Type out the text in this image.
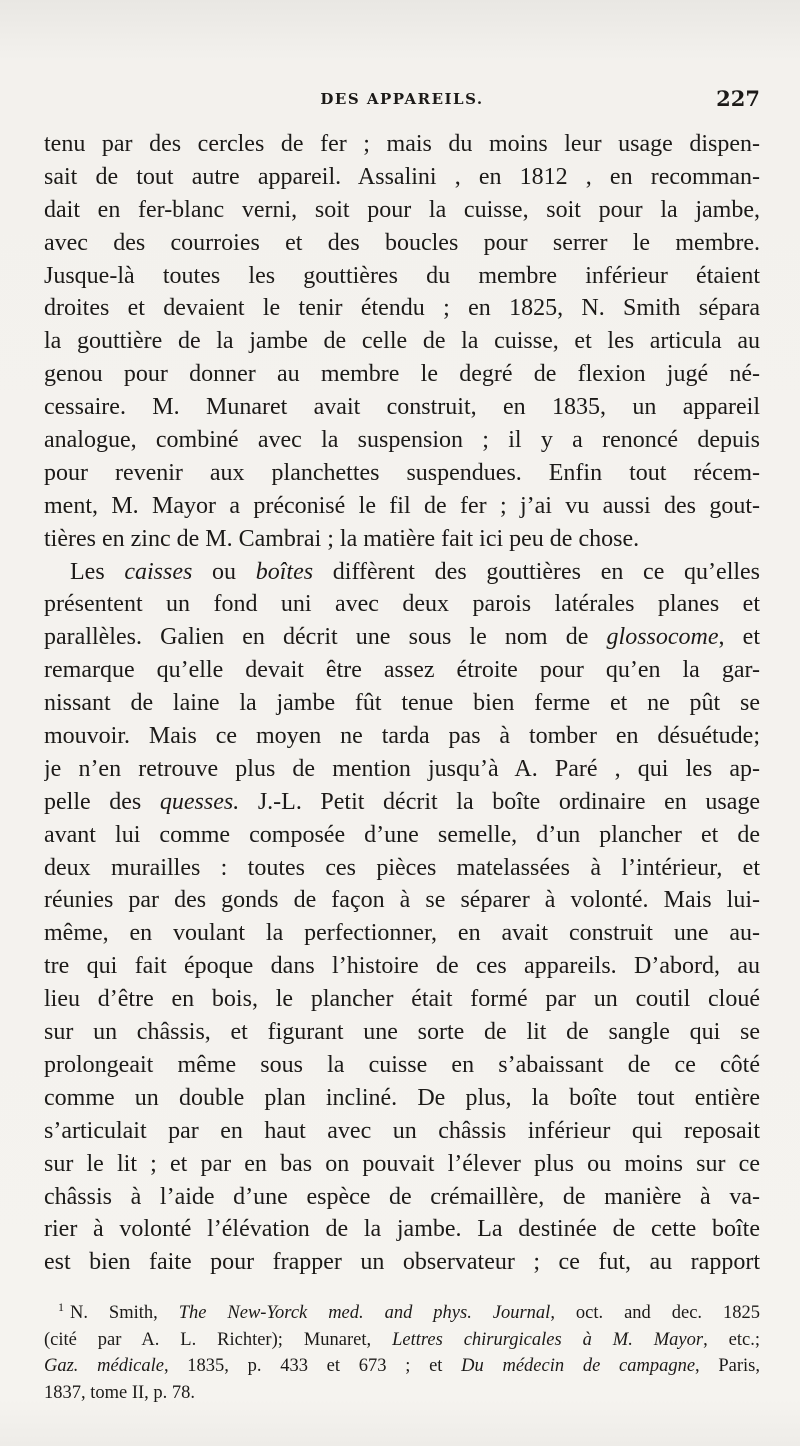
DES APPAREILS.	227
tenu par des cercles de fer ; mais du moins leur usage dispen-
sait de tout autre appareil. Assalini , en 1812 , en recomman-
dait en fer-blanc verni, soit pour la cuisse, soit pour la jambe,
avec des courroies et des boucles pour serrer le membre.
Jusque-là toutes les gouttières du membre inférieur étaient
droites et devaient le tenir étendu ; en 1825, N. Smith sépara
la gouttière de la jambe de celle de la cuisse, et les articula au
genou pour donner au membre le degré de flexion jugé né-
cessaire. M. Munaret avait construit, en 1835, un appareil
analogue, combiné avec la suspension ; il y a renoncé depuis
pour revenir aux planchettes suspendues. Enfin tout récem-
ment, M. Mayor a préconisé le fil de fer ; j’ai vu aussi des gout-
tières en zinc de M. Cambrai ; la matière fait ici peu de chose.
Les caisses ou boîtes diffèrent des gouttières en ce qu’elles
présentent un fond uni avec deux parois latérales planes et
parallèles. Galien en décrit une sous le nom de glossocome, et
remarque qu’elle devait être assez étroite pour qu’en la gar-
nissant de laine la jambe fût tenue bien ferme et ne pût se
mouvoir. Mais ce moyen ne tarda pas à tomber en désuétude;
je n’en retrouve plus de mention jusqu’à A. Paré , qui les ap-
pelle des quesses. J.-L. Petit décrit la boîte ordinaire en usage
avant lui comme composée d’une semelle, d’un plancher et de
deux murailles : toutes ces pièces matelassées à l’intérieur, et
réunies par des gonds de façon à se séparer à volonté. Mais lui-
même, en voulant la perfectionner, en avait construit une au-
tre qui fait époque dans l’histoire de ces appareils. D’abord, au
lieu d’être en bois, le plancher était formé par un coutil cloué
sur un châssis, et figurant une sorte de lit de sangle qui se
prolongeait même sous la cuisse en s’abaissant de ce côté
comme un double plan incliné. De plus, la boîte tout entière
s’articulait par en haut avec un châssis inférieur qui reposait
sur le lit ; et par en bas on pouvait l’élever plus ou moins sur ce
châssis à l’aide d’une espèce de crémaillère, de manière à va-
rier à volonté l’élévation de la jambe. La destinée de cette boîte
est bien faite pour frapper un observateur ; ce fut, au rapport
$^1$ N. Smith, The New-Yorck med. and phys. Journal, oct. and dec. 1825
(cité par A. L. Richter); Munaret, Lettres chirurgicales à M. Mayor, etc.;
Gaz. médicale, 1835, p. 433 et 673 ; et Du médecin de campagne, Paris,
1837, tome II, p. 78.
